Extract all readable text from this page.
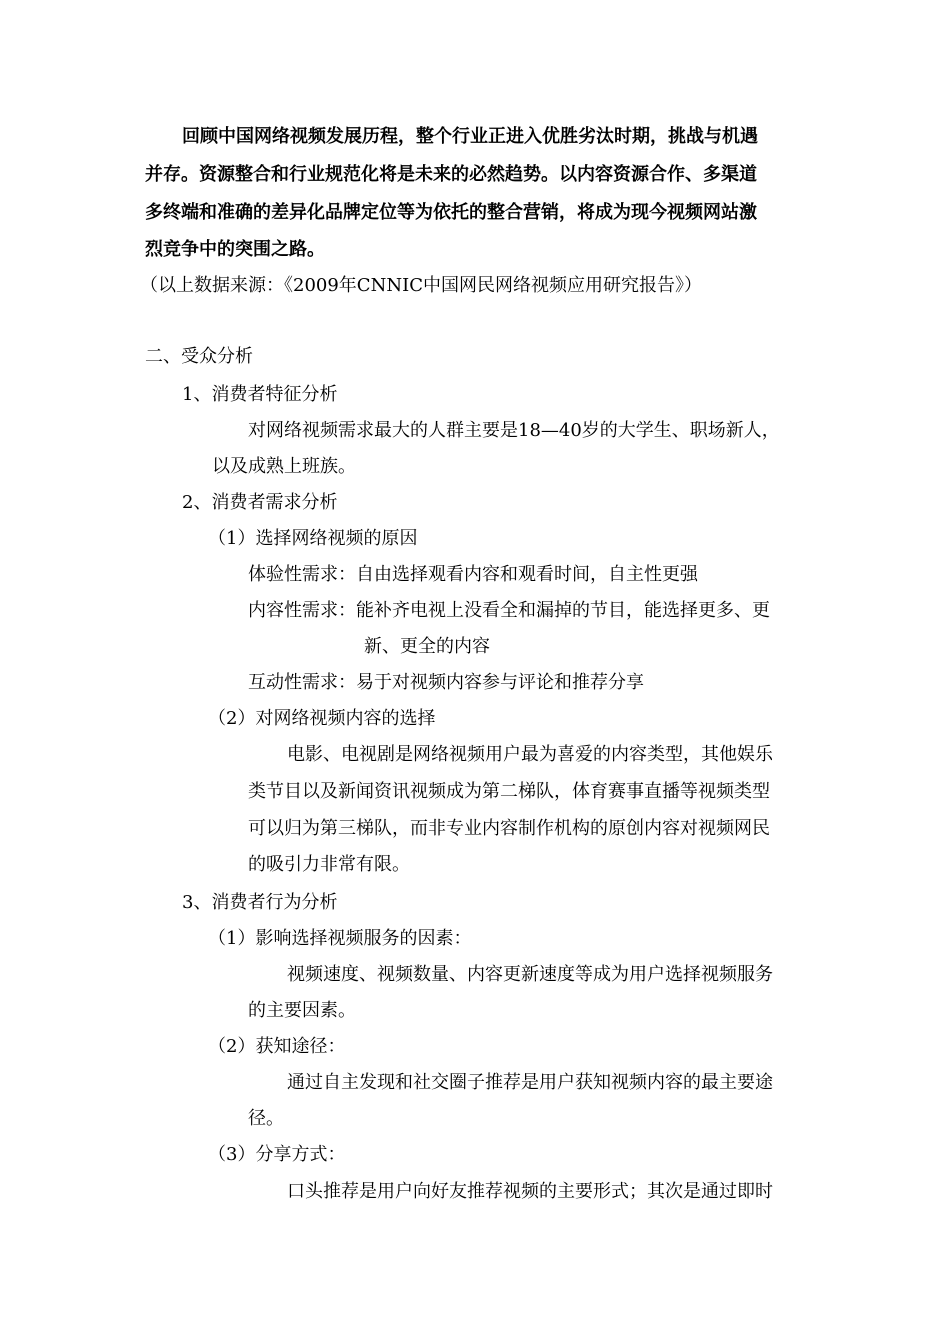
回顾中国网络视频发展历程，整个行业正进入优胜劣汰时期，挑战与机遇
并存。资源整合和行业规范化将是未来的必然趋势。以内容资源合作、多渠道
多终端和准确的差异化品牌定位等为依托的整合营销，将成为现今视频网站激
烈竞争中的突围之路。
（以上数据来源：《2009年CNNIC中国网民网络视频应用研究报告》）
二、受众分析
1、消费者特征分析
对网络视频需求最大的人群主要是18—40岁的大学生、职场新人，
以及成熟上班族。
2、消费者需求分析
（1）选择网络视频的原因
体验性需求：自由选择观看内容和观看时间，自主性更强
内容性需求：能补齐电视上没看全和漏掉的节目，能选择更多、更
新、更全的内容
互动性需求：易于对视频内容参与评论和推荐分享
（2）对网络视频内容的选择
电影、电视剧是网络视频用户最为喜爱的内容类型，其他娱乐
类节目以及新闻资讯视频成为第二梯队，体育赛事直播等视频类型
可以归为第三梯队，而非专业内容制作机构的原创内容对视频网民
的吸引力非常有限。
3、消费者行为分析
（1）影响选择视频服务的因素：
视频速度、视频数量、内容更新速度等成为用户选择视频服务
的主要因素。
（2）获知途径：
通过自主发现和社交圈子推荐是用户获知视频内容的最主要途
径。
（3）分享方式：
口头推荐是用户向好友推荐视频的主要形式；其次是通过即时
